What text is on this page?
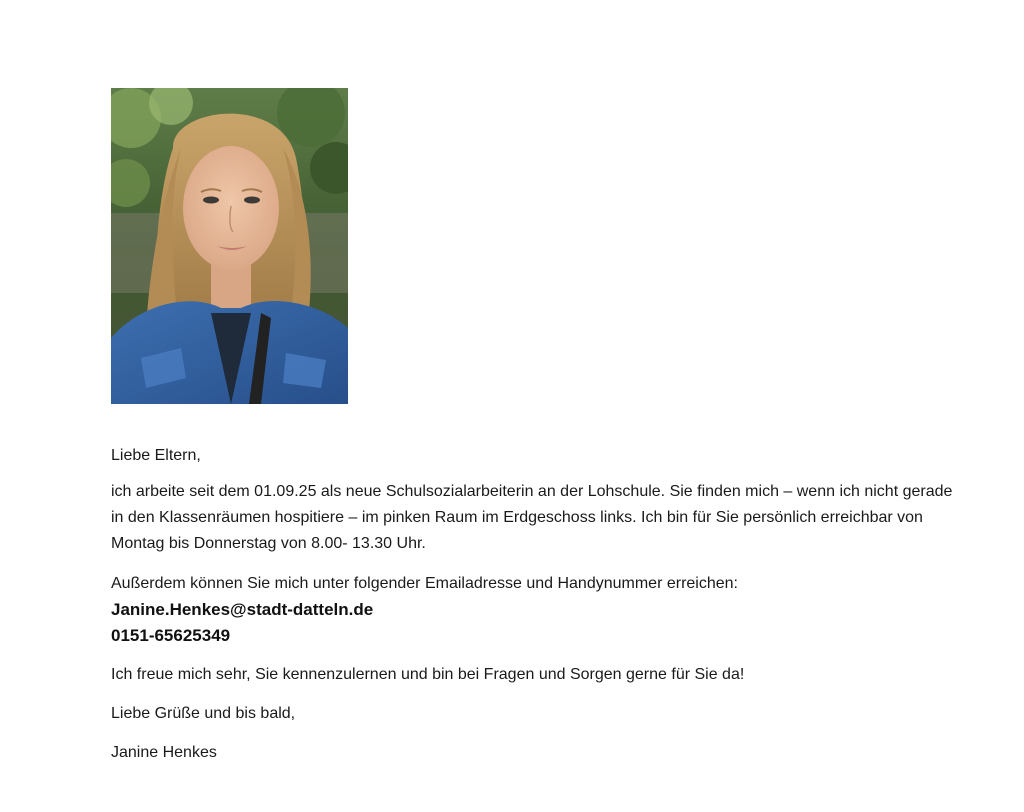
Liebe Eltern,

ich arbeite seit dem 01.09.25 als neue Schulsozialarbeiterin an der Lohschule. Sie finden mich – wenn ich nicht gerade in den Klassenräumen hospitiere – im pinken Raum im Erdgeschoss links. Ich bin für Sie persönlich erreichbar von Montag bis Donnerstag von 8.00- 13.30 Uhr.

Außerdem können Sie mich unter folgender Emailadresse und Handynummer erreichen:

Janine.Henkes@stadt-datteln.de

0151-65625349

Ich freue mich sehr, Sie kennenzulernen und bin bei Fragen und Sorgen gerne für Sie da!

Liebe Grüße und bis bald,

Janine Henkes
